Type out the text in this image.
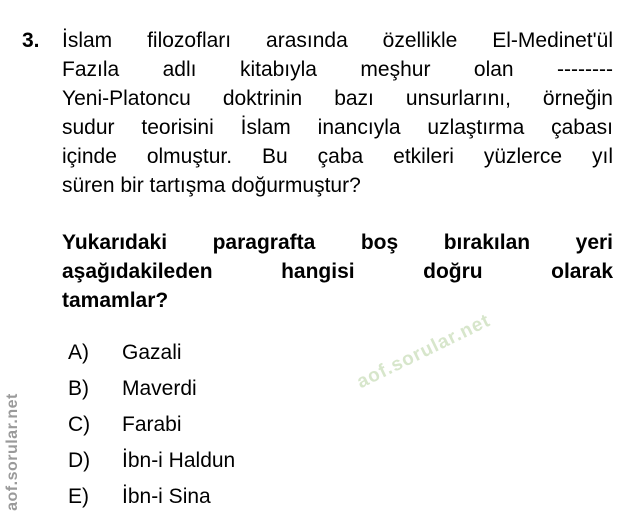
3.	İslam filozofları arasında özellikle El-Medinet'ül
Fazıla adlı kitabıyla meşhur olan --------
Yeni-Platoncu doktrinin bazı unsurlarını, örneğin
sudur teorisini İslam inancıyla uzlaştırma çabası
içinde olmuştur. Bu çaba etkileri yüzlerce yıl
süren bir tartışma doğurmuştur?
Yukarıdaki paragrafta boş bırakılan yeri
aşağıdakileden hangisi doğru olarak
tamamlar?
A)	Gazali
B)	Maverdi
C)	Farabi
D)	İbn-i Haldun
E)	İbn-i Sina
aof.sorular.net
aof.sorular.net
